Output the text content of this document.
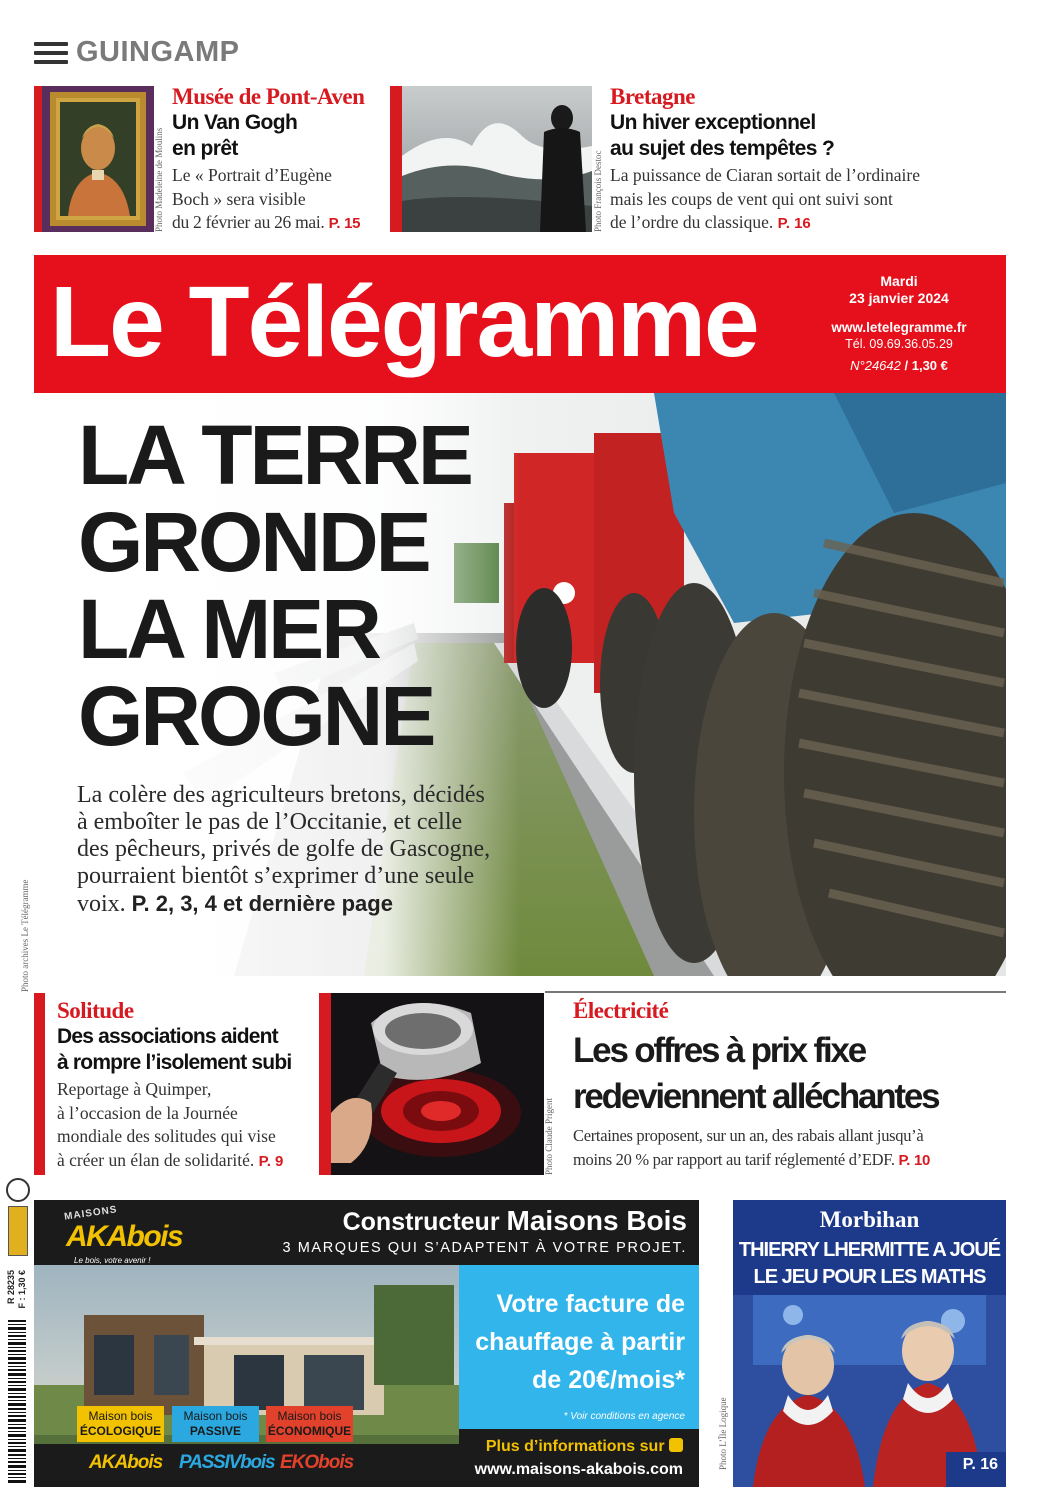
GUINGAMP
Photo Madeleine de Moulins
Musée de Pont-Aven
Un Van Gogh
en prêt
Le « Portrait d’Eugène
Boch » sera visible
du 2 février au 26 mai. P. 15	Photo François Destoc
Bretagne
Un hiver exceptionnel
au sujet des tempêtes ?
La puissance de Ciaran sortait de l’ordinaire
mais les coups de vent qui ont suivi sont
de l’ordre du classique. P. 16
Le Télégramme	Mardi
23 janvier 2024
www.letelegramme.fr
Tél. 09.69.36.05.29
N°24642 / 1,30 €
LA TERRE
GRONDE
LA MER
GROGNE
La colère des agriculteurs bretons, décidés
à emboîter le pas de l’Occitanie, et celle
des pêcheurs, privés de golfe de Gascogne,
pourraient bientôt s’exprimer d’une seule
voix. P. 2, 3, 4 et dernière page
Photo archives Le Télégramme
Solitude
Des associations aident
à rompre l’isolement subi
Reportage à Quimper,
à l’occasion de la Journée
mondiale des solitudes qui vise
à créer un élan de solidarité. P. 9	Photo Claude Prigent
Électricité
Les offres à prix fixe
redeviennent alléchantes
Certaines proposent, sur un an, des rabais allant jusqu’à
moins 20 % par rapport au tarif réglementé d’EDF. P. 10
R 28235 F : 1,30 €
MAISONS
AKAbois
Le bois, votre avenir !
Constructeur Maisons Bois
3 MARQUES QUI S’ADAPTENT À VOTRE PROJET.
Votre facture de
chauffage à partir
de 20€/mois*
* Voir conditions en agence
Maison bois
ÉCOLOGIQUE
Maison bois
PASSIVE
Maison bois
ÉCONOMIQUE
AKAbois PASSIVbois EKObois
Plus d’informations sur
www.maisons-akabois.com	Photo L’Île Logique
Morbihan
THIERRY LHERMITTE A JOUÉ
LE JEU POUR LES MATHS
P. 16
